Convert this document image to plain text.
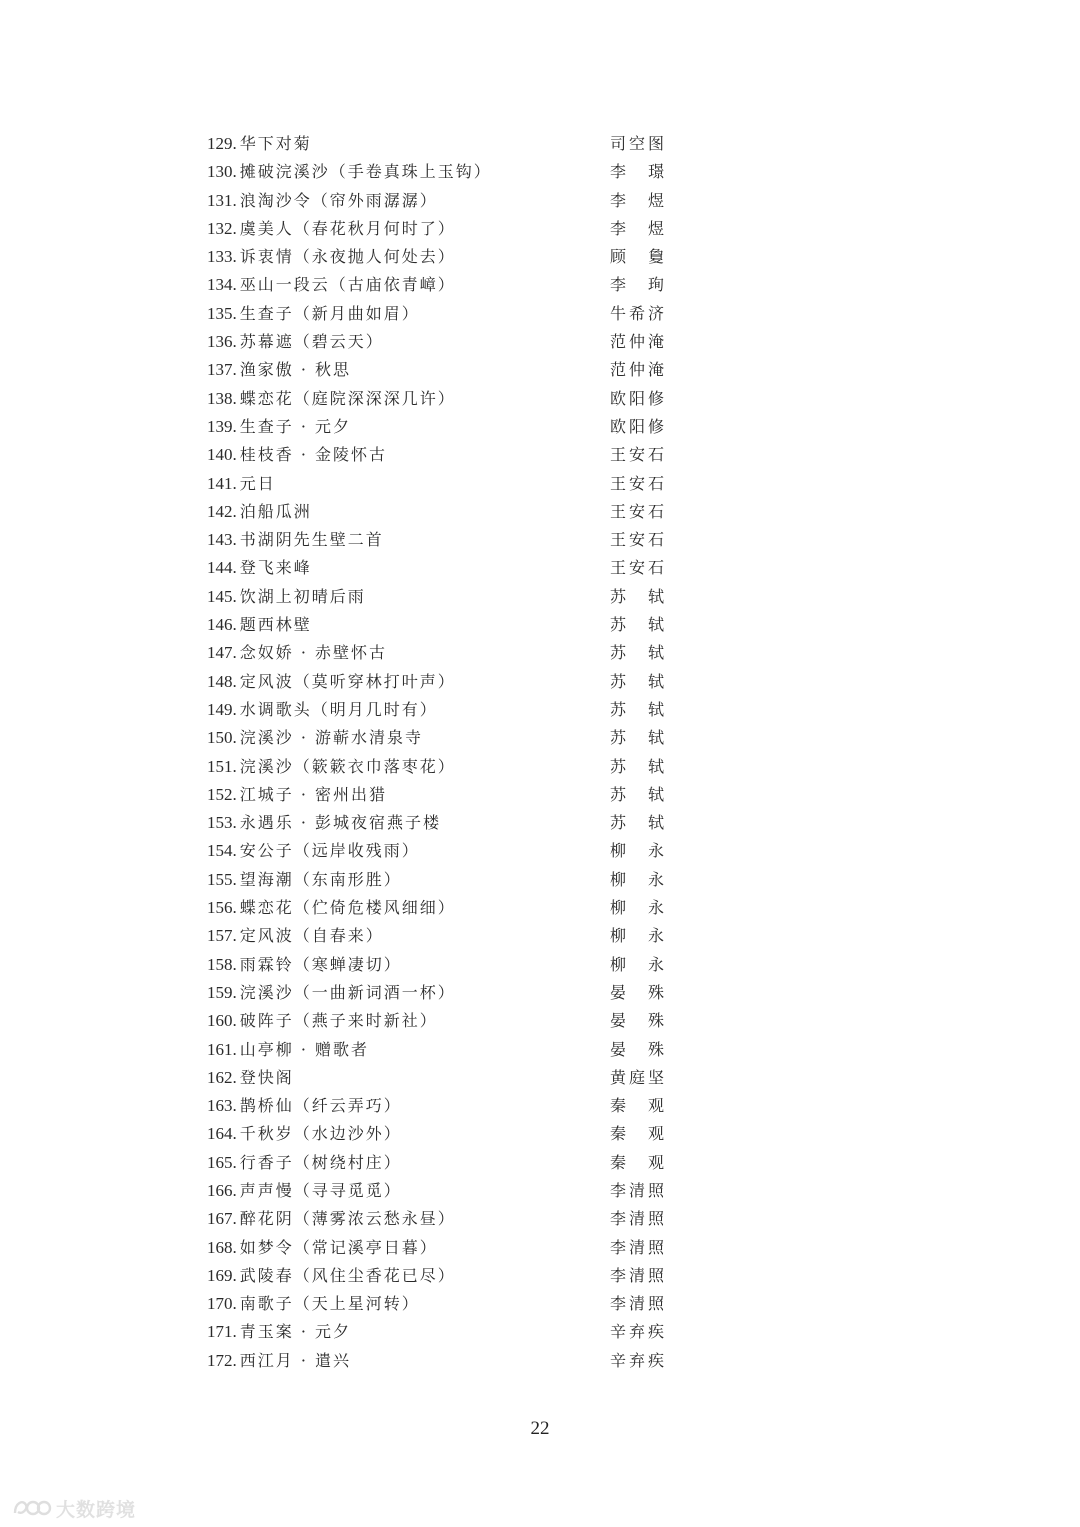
129. 华下对菊	司 空 图
130. 摊破浣溪沙（手卷真珠上玉钩）	李 璟
131. 浪淘沙令（帘外雨潺潺）	李 煜
132. 虞美人（春花秋月何时了）	李 煜
133. 诉衷情（永夜抛人何处去）	顾 敻
134. 巫山一段云（古庙依青嶂）	李 珣
135. 生查子（新月曲如眉）	牛 希 济
136. 苏幕遮（碧云天）	范 仲 淹
137. 渔家傲 · 秋思	范 仲 淹
138. 蝶恋花（庭院深深深几许）	欧 阳 修
139. 生查子 · 元夕	欧 阳 修
140. 桂枝香 · 金陵怀古	王 安 石
141. 元日	王 安 石
142. 泊船瓜洲	王 安 石
143. 书湖阴先生壁二首	王 安 石
144. 登飞来峰	王 安 石
145. 饮湖上初晴后雨	苏 轼
146. 题西林壁	苏 轼
147. 念奴娇 · 赤壁怀古	苏 轼
148. 定风波（莫听穿林打叶声）	苏 轼
149. 水调歌头（明月几时有）	苏 轼
150. 浣溪沙 · 游蕲水清泉寺	苏 轼
151. 浣溪沙（簌簌衣巾落枣花）	苏 轼
152. 江城子 · 密州出猎	苏 轼
153. 永遇乐 · 彭城夜宿燕子楼	苏 轼
154. 安公子（远岸收残雨）	柳 永
155. 望海潮（东南形胜）	柳 永
156. 蝶恋花（伫倚危楼风细细）	柳 永
157. 定风波（自春来）	柳 永
158. 雨霖铃（寒蝉凄切）	柳 永
159. 浣溪沙（一曲新词酒一杯）	晏 殊
160. 破阵子（燕子来时新社）	晏 殊
161. 山亭柳 · 赠歌者	晏 殊
162. 登快阁	黄 庭 坚
163. 鹊桥仙（纤云弄巧）	秦 观
164. 千秋岁（水边沙外）	秦 观
165. 行香子（树绕村庄）	秦 观
166. 声声慢（寻寻觅觅）	李 清 照
167. 醉花阴（薄雾浓云愁永昼）	李 清 照
168. 如梦令（常记溪亭日暮）	李 清 照
169. 武陵春（风住尘香花已尽）	李 清 照
170. 南歌子（天上星河转）	李 清 照
171. 青玉案 · 元夕	辛 弃 疾
172. 西江月 · 遣兴	辛 弃 疾
22
大数跨境
